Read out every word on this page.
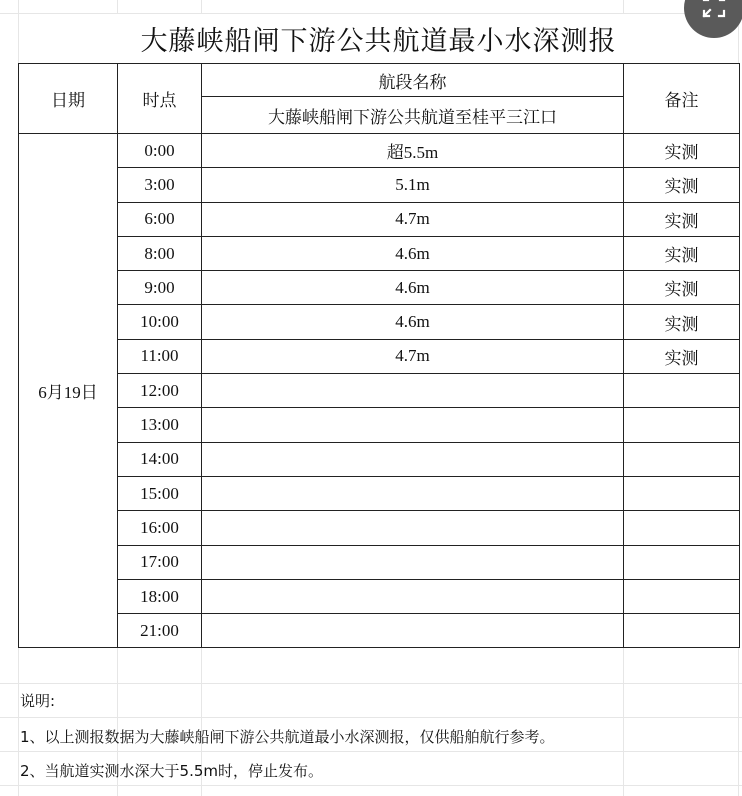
大藤峡船闸下游公共航道最小水深测报
日期	时点	航段名称	备注
		大藤峡船闸下游公共航道至桂平三江口	
6月19日	0:00	超5.5m	实测
	3:00	5.1m	实测
	6:00	4.7m	实测
	8:00	4.6m	实测
	9:00	4.6m	实测
	10:00	4.6m	实测
	11:00	4.7m	实测
	12:00		
	13:00		
	14:00		
	15:00		
	16:00		
	17:00		
	18:00		
	21:00		
说明:
1、以上测报数据为大藤峡船闸下游公共航道最小水深测报，仅供船舶航行参考。
2、当航道实测水深大于5.5m时，停止发布。
